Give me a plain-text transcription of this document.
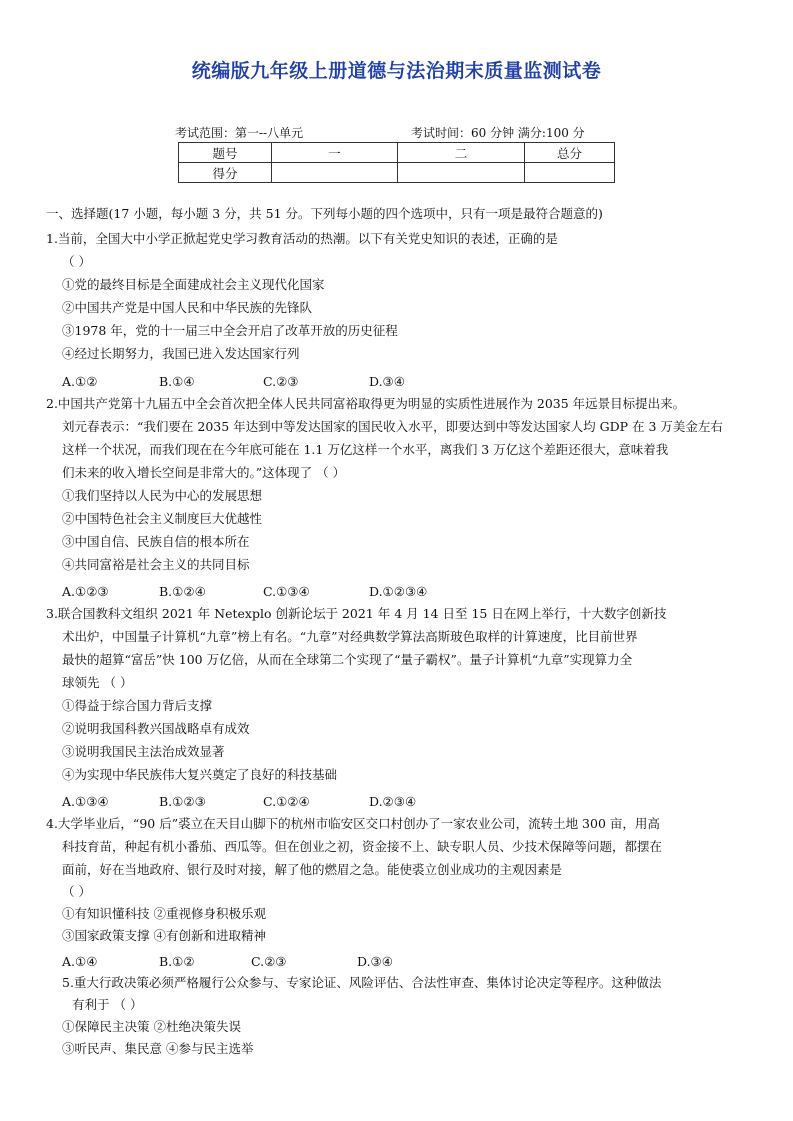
统编版九年级上册道德与法治期末质量监测试卷
考试范围：第一--八单元	考试时间：60 分钟 满分:100 分
题号	一	二	总分
得分			
一、选择题(17 小题，每小题 3 分，共 51 分。下列每小题的四个选项中，只有一项是最符合题意的)
1.当前，全国大中小学正掀起党史学习教育活动的热潮。以下有关党史知识的表述，正确的是
（ ）
①党的最终目标是全面建成社会主义现代化国家
②中国共产党是中国人民和中华民族的先锋队
③1978 年，党的十一届三中全会开启了改革开放的历史征程
④经过长期努力，我国已进入发达国家行列
A.①②	B.①④	C.②③	D.③④
2.中国共产党第十九届五中全会首次把全体人民共同富裕取得更为明显的实质性进展作为 2035 年远景目标提出来。
刘元春表示：“我们要在 2035 年达到中等发达国家的国民收入水平，即要达到中等发达国家人均 GDP 在 3 万美金左右
这样一个状况，而我们现在在今年底可能在 1.1 万亿这样一个水平，离我们 3 万亿这个差距还很大，意味着我
们未来的收入增长空间是非常大的。”这体现了 （ ）
①我们坚持以人民为中心的发展思想
②中国特色社会主义制度巨大优越性
③中国自信、民族自信的根本所在
④共同富裕是社会主义的共同目标
A.①②③	B.①②④	C.①③④	D.①②③④
3.联合国教科文组织 2021 年 Netexplo 创新论坛于 2021 年 4 月 14 日至 15 日在网上举行，十大数字创新技
术出炉，中国量子计算机“九章”榜上有名。“九章”对经典数学算法高斯玻色取样的计算速度，比目前世界
最快的超算“富岳”快 100 万亿倍，从而在全球第二个实现了“量子霸权”。量子计算机“九章”实现算力全
球领先 （ ）
①得益于综合国力背后支撑
②说明我国科教兴国战略卓有成效
③说明我国民主法治成效显著
④为实现中华民族伟大复兴奠定了良好的科技基础
A.①③④	B.①②③	C.①②④	D.②③④
4.大学毕业后，“90 后”裘立在天目山脚下的杭州市临安区交口村创办了一家农业公司，流转土地 300 亩，用高
科技育苗，种起有机小番茄、西瓜等。但在创业之初，资金接不上、缺专职人员、少技术保障等问题，都摆在
面前，好在当地政府、银行及时对接，解了他的燃眉之急。能使裘立创业成功的主观因素是
（ ）
①有知识懂科技 ②重视修身积极乐观
③国家政策支撑 ④有创新和进取精神
A.①④	B.①②	C.②③	D.③④
5.重大行政决策必须严格履行公众参与、专家论证、风险评估、合法性审查、集体讨论决定等程序。这种做法
有利于 （ ）
①保障民主决策 ②杜绝决策失误
③听民声、集民意 ④参与民主选举
